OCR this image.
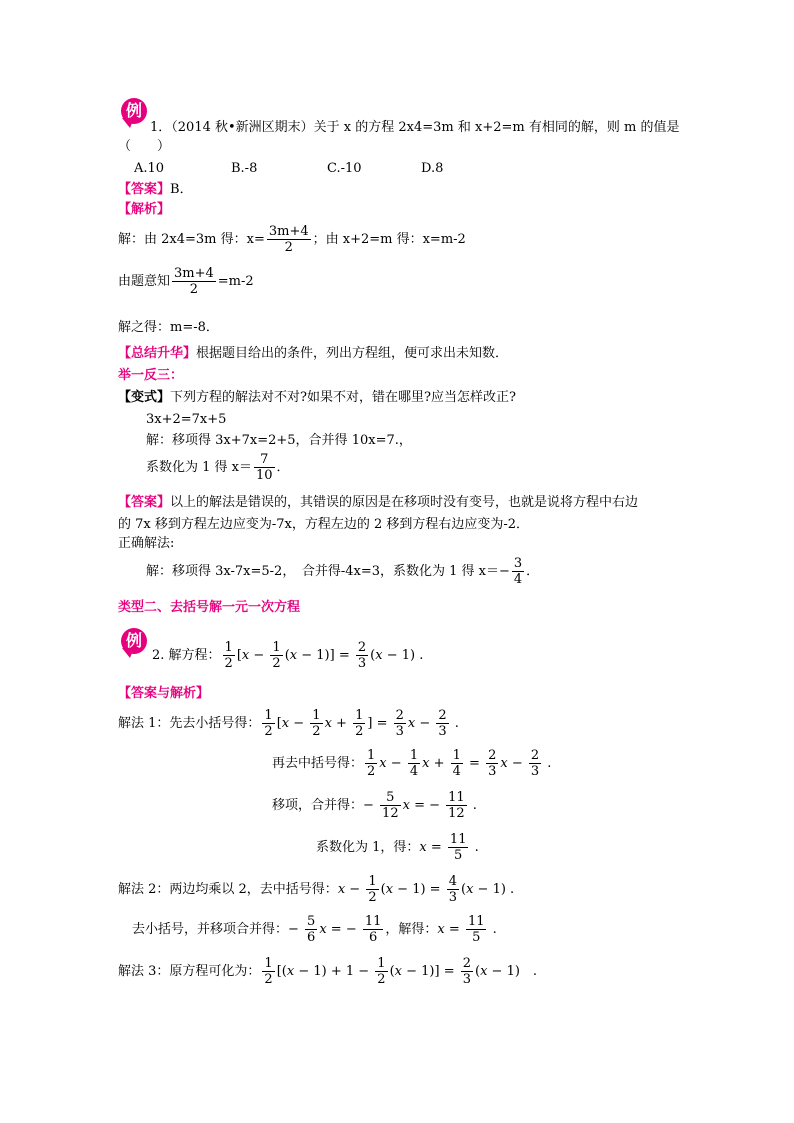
例
1．（2014 秋•新洲区期末）关于 x 的方程 2x4=3m 和 x+2=m 有相同的解，则 m 的值是
（　　）
A.10	B.-8	C.-10	D.8
【答案】B．
【解析】
解：由 2x4=3m 得：$x= \frac{3m+4}{2}$ ；由 x+2=m 得：x=m-2
由题意知 $\frac{3m+4}{2} =m-2$
解之得：m=-8．
【总结升华】根据题目给出的条件，列出方程组，便可求出未知数．
举一反三：
【变式】下列方程的解法对不对?如果不对，错在哪里?应当怎样改正?
3x+2=7x+5
解：移项得 3x+7x=2+5，合并得 10x=7.，
系数化为 1 得 $x= \frac{7}{10}$ ．
【答案】以上的解法是错误的，其错误的原因是在移项时没有变号，也就是说将方程中右边
的 7x 移到方程左边应变为-7x，方程左边的 2 移到方程右边应变为-2．
正确解法:
解：移项得 3x-7x=5-2，　合并得-4x=3，系数化为 1 得 $x=- \frac{3}{4}$ ．
类型二、去括号解一元一次方程
例
2. 解方程： $\frac{1}{2} [x - \frac{1}{2} (x - 1)] = \frac{2}{3} (x - 1)$ .
【答案与解析】
解法 1：先去小括号得： $\frac{1}{2} [x - \frac{1}{2}$ $x + \frac{1}{2}$ ] = $\frac{2}{3}$ $x - \frac{2}{3}$ .
再去中括号得： $\frac{1}{2}$ $x - \frac{1}{4}$ $x + \frac{1}{4} = \frac{2}{3}$ $x - \frac{2}{3}$ .
移项，合并得：− $\frac{5}{12}$ x = − $\frac{11}{12}$ .
系数化为 1，得：$x = \frac{11}{5}$ .
解法 2：两边均乘以 2，去中括号得：$x - \frac{1}{2} (x - 1) = \frac{4}{3} (x - 1)$ .
去小括号，并移项合并得：− $\frac{5}{6}$ x = − $\frac{11}{6}$ ，解得：$x = \frac{11}{5}$ .
解法 3：原方程可化为： $\frac{1}{2} [(x - 1) + 1 - \frac{1}{2} (x - 1)] = \frac{2}{3} (x - 1)$　.
